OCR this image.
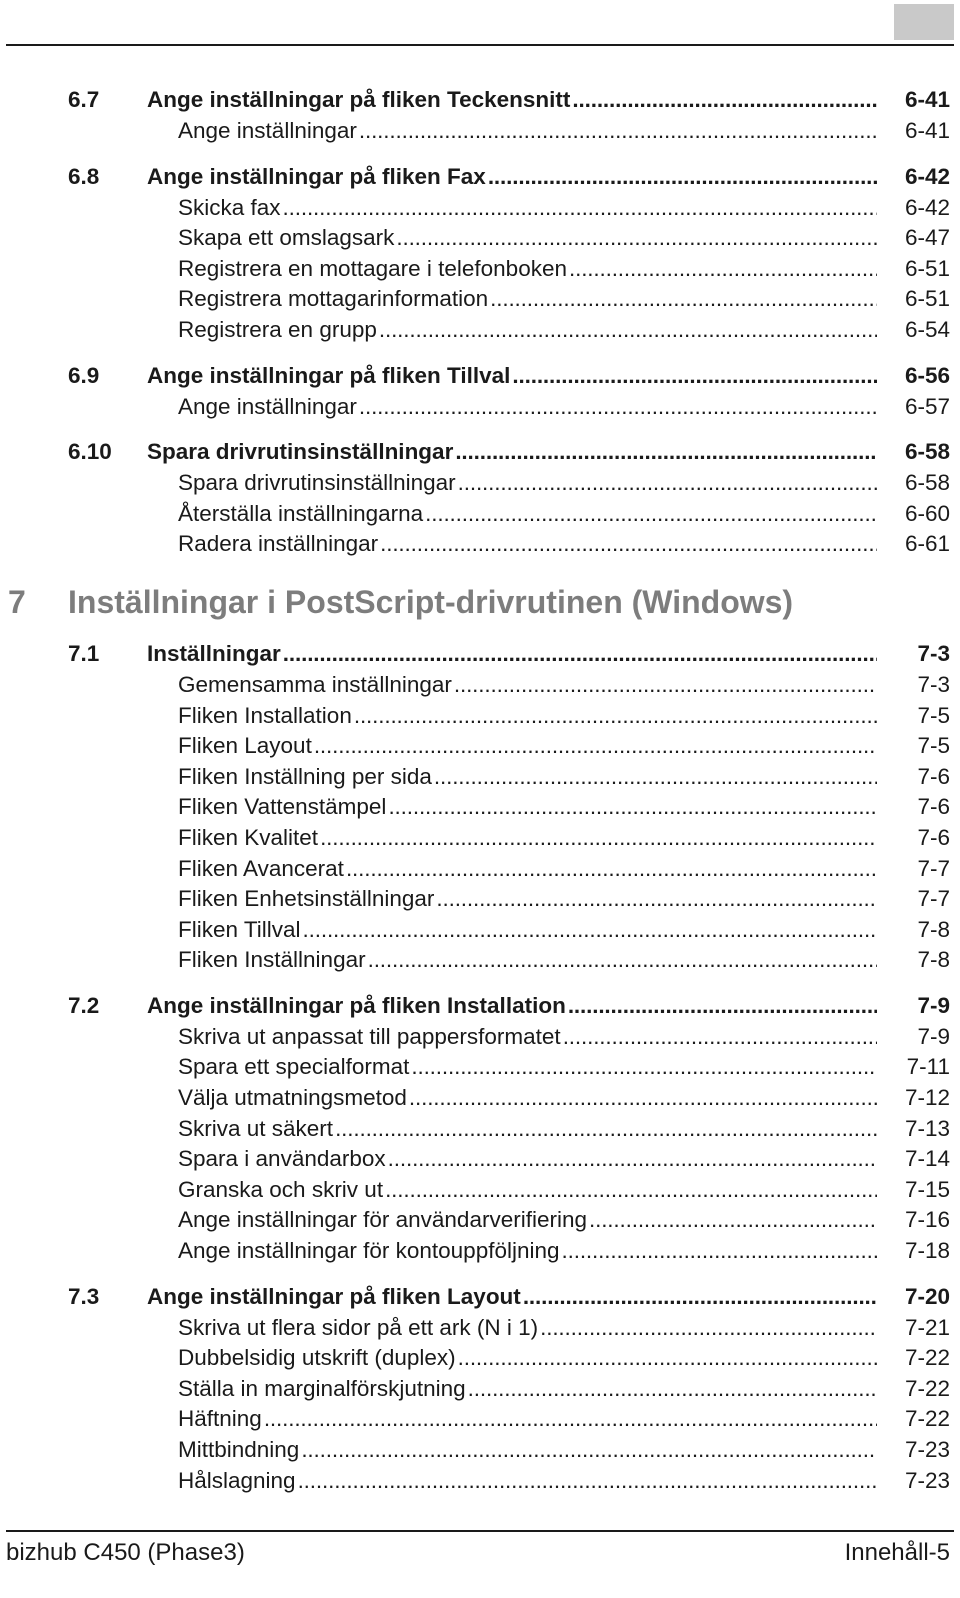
6.7 Ange inställningar på fliken Teckensnitt . . .	6-41
Ange inställningar . . .	6-41
6.8 Ange inställningar på fliken Fax . . .	6-42
Skicka fax . . .	6-42
Skapa ett omslagsark . . .	6-47
Registrera en mottagare i telefonboken . . .	6-51
Registrera mottagarinformation . . .	6-51
Registrera en grupp . . .	6-54
6.9 Ange inställningar på fliken Tillval . . .	6-56
Ange inställningar . . .	6-57
6.10 Spara drivrutinsinställningar . . .	6-58
Spara drivrutinsinställningar . . .	6-58
Återställa inställningarna . . .	6-60
Radera inställningar . . .	6-61
7 Inställningar i PostScript-drivrutinen (Windows)
7.1 Inställningar . . .	7-3
Gemensamma inställningar . . .	7-3
Fliken Installation . . .	7-5
Fliken Layout . . .	7-5
Fliken Inställning per sida . . .	7-6
Fliken Vattenstämpel . . .	7-6
Fliken Kvalitet . . .	7-6
Fliken Avancerat . . .	7-7
Fliken Enhetsinställningar . . .	7-7
Fliken Tillval . . .	7-8
Fliken Inställningar . . .	7-8
7.2 Ange inställningar på fliken Installation . . .	7-9
Skriva ut anpassat till pappersformatet . . .	7-9
Spara ett specialformat . . .	7-11
Välja utmatningsmetod . . .	7-12
Skriva ut säkert . . .	7-13
Spara i användarbox . . .	7-14
Granska och skriv ut . . .	7-15
Ange inställningar för användarverifiering . . .	7-16
Ange inställningar för kontouppföljning . . .	7-18
7.3 Ange inställningar på fliken Layout . . .	7-20
Skriva ut flera sidor på ett ark (N i 1) . . .	7-21
Dubbelsidig utskrift (duplex) . . .	7-22
Ställa in marginalförskjutning . . .	7-22
Häftning . . .	7-22
Mittbindning . . .	7-23
Hålslagning . . .	7-23
bizhub C450 (Phase3)	Innehåll-5
